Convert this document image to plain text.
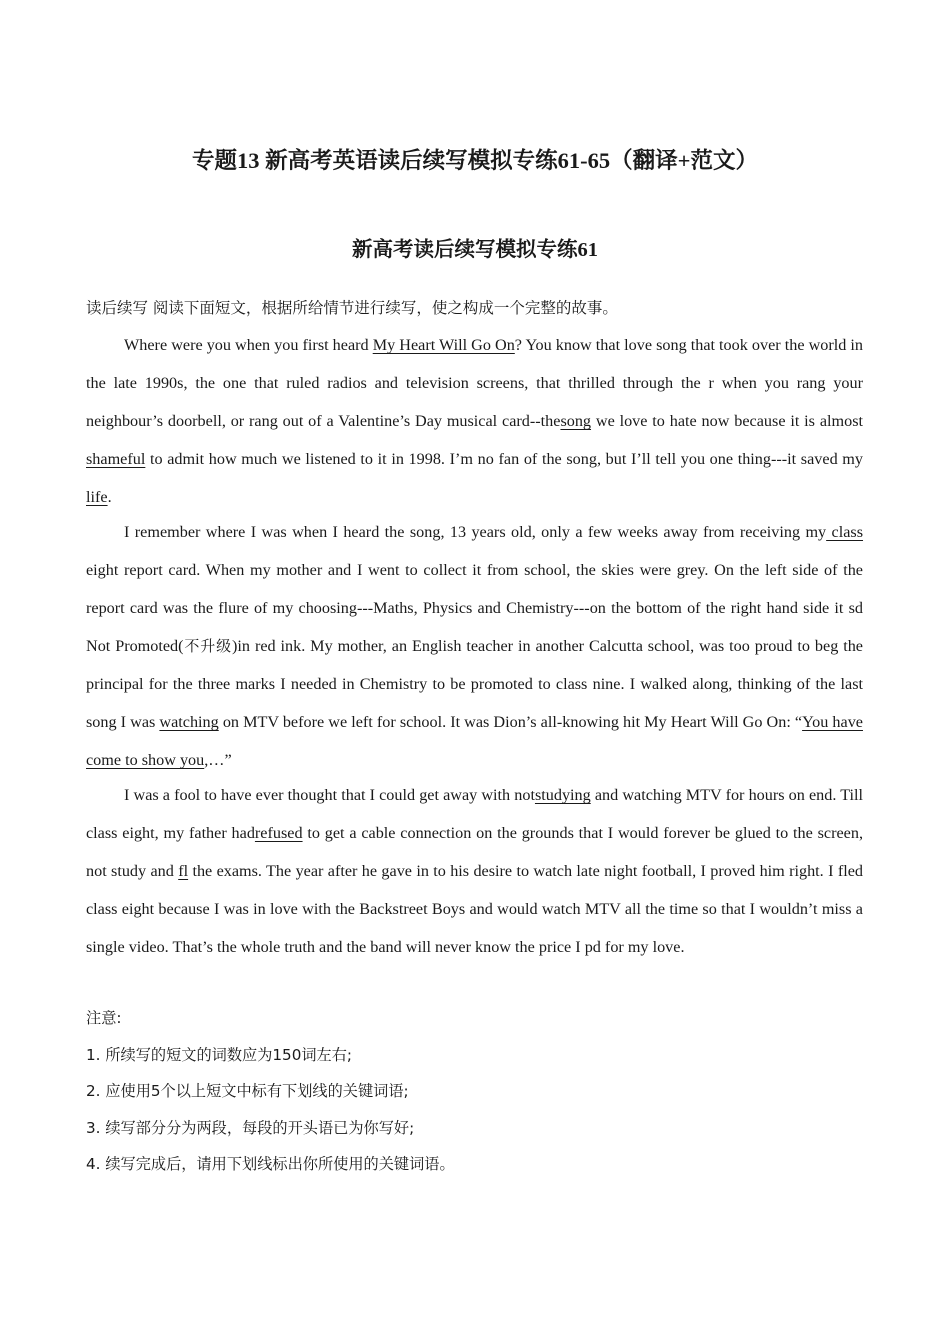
专题13 新高考英语读后续写模拟专练61-65（翻译+范文）
新高考读后续写模拟专练61
读后续写 阅读下面短文，根据所给情节进行续写，使之构成一个完整的故事。

Where were you when you first heard My Heart Will Go On? You know that love song that took over the world in the late 1990s, the one that ruled radios and television screens, that thrilled through the r when you rang your neighbour’s doorbell, or rang out of a Valentine’s Day musical card--thesong we love to hate now because it is almost shameful to admit how much we listened to it in 1998. I’m no fan of the song, but I’ll tell you one thing---it saved my life.

I remember where I was when I heard the song, 13 years old, only a few weeks away from receiving my class eight report card. When my mother and I went to collect it from school, the skies were grey. On the left side of the report card was the flure of my choosing---Maths, Physics and Chemistry---on the bottom of the right hand side it sd Not Promoted(不升级)in red ink. My mother, an English teacher in another Calcutta school, was too proud to beg the principal for the three marks I needed in Chemistry to be promoted to class nine. I walked along, thinking of the last song I was watching on MTV before we left for school. It was Dion’s all-knowing hit My Heart Will Go On: “You have come to show you,…”

I was a fool to have ever thought that I could get away with notstudying and watching MTV for hours on end. Till class eight, my father hadrefused to get a cable connection on the grounds that I would forever be glued to the screen, not study and fl the exams. The year after he gave in to his desire to watch late night football, I proved him right. I fled class eight because I was in love with the Backstreet Boys and would watch MTV all the time so that I wouldn’t miss a single video. That’s the whole truth and the band will never know the price I pd for my love.

注意:
1. 所续写的短文的词数应为150词左右;
2. 应使用5个以上短文中标有下划线的关键词语;
3. 续写部分分为两段，每段的开头语已为你写好;
4. 续写完成后，请用下划线标出你所使用的关键词语。
